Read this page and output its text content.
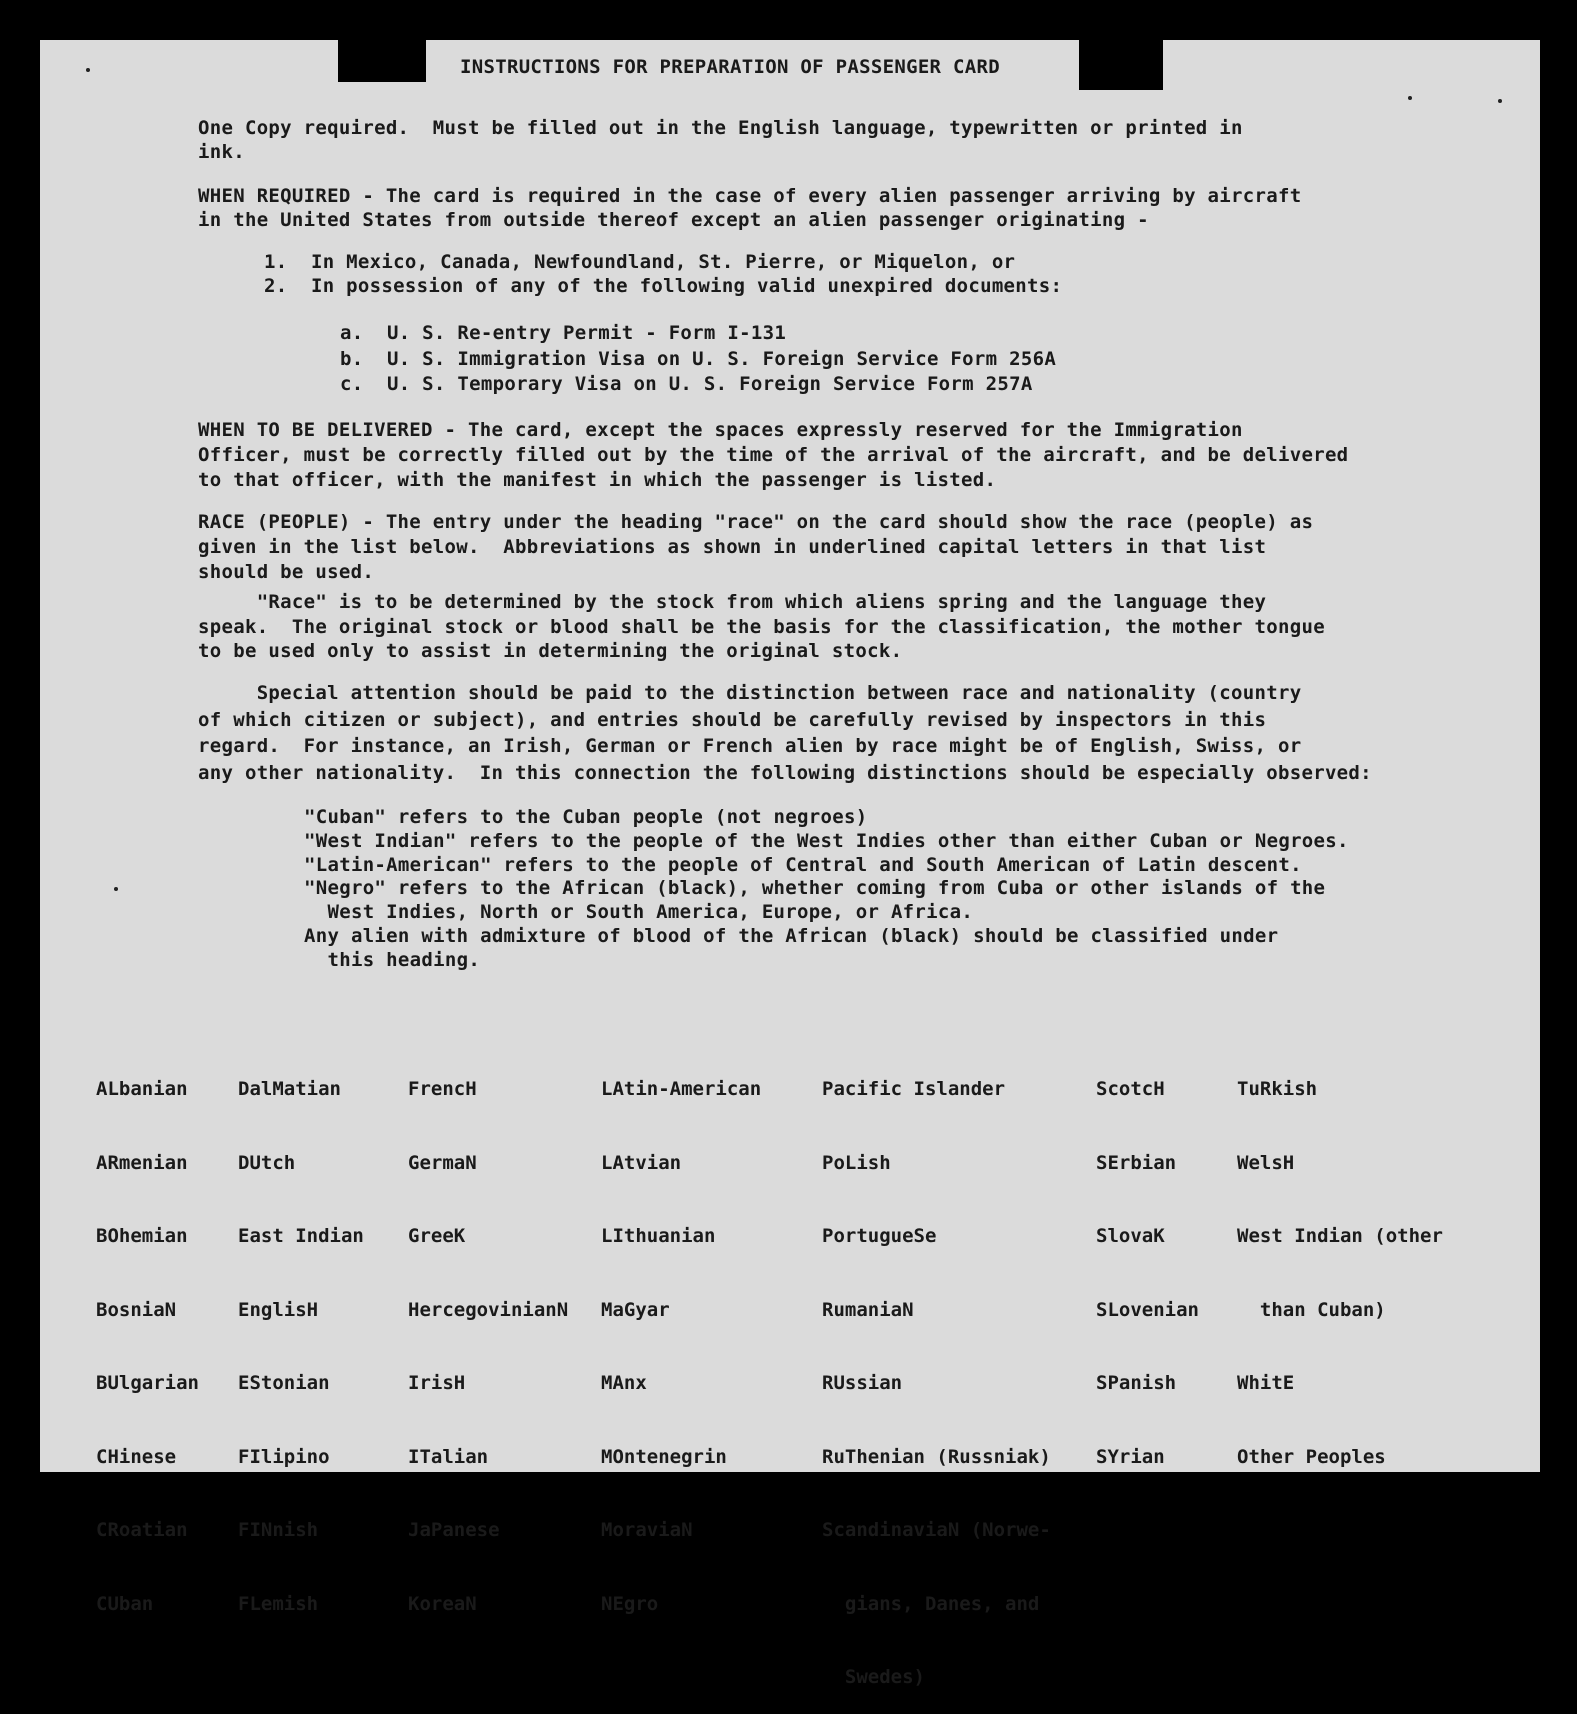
INSTRUCTIONS FOR PREPARATION OF PASSENGER CARD
One Copy required.  Must be filled out in the English language, typewritten or printed in
ink.
WHEN REQUIRED - The card is required in the case of every alien passenger arriving by aircraft
in the United States from outside thereof except an alien passenger originating -
1.  In Mexico, Canada, Newfoundland, St. Pierre, or Miquelon, or
2.  In possession of any of the following valid unexpired documents:
a.  U. S. Re-entry Permit - Form I-131
b.  U. S. Immigration Visa on U. S. Foreign Service Form 256A
c.  U. S. Temporary Visa on U. S. Foreign Service Form 257A
WHEN TO BE DELIVERED - The card, except the spaces expressly reserved for the Immigration
Officer, must be correctly filled out by the time of the arrival of the aircraft, and be delivered
to that officer, with the manifest in which the passenger is listed.
RACE (PEOPLE) - The entry under the heading "race" on the card should show the race (people) as
given in the list below.  Abbreviations as shown in underlined capital letters in that list
should be used.
"Race" is to be determined by the stock from which aliens spring and the language they
speak.  The original stock or blood shall be the basis for the classification, the mother tongue
to be used only to assist in determining the original stock.
Special attention should be paid to the distinction between race and nationality (country
of which citizen or subject), and entries should be carefully revised by inspectors in this
regard.  For instance, an Irish, German or French alien by race might be of English, Swiss, or
any other nationality.  In this connection the following distinctions should be especially observed:
"Cuban" refers to the Cuban people (not negroes)
"West Indian" refers to the people of the West Indies other than either Cuban or Negroes.
"Latin-American" refers to the people of Central and South American of Latin descent.
"Negro" refers to the African (black), whether coming from Cuba or other islands of the
West Indies, North or South America, Europe, or Africa.
Any alien with admixture of blood of the African (black) should be classified under
this heading.

ALbanian

ARmenian

BOhemian

BosniaN

BUlgarian

CHinese

CRoatian

CUban

DalMatian

DUtch

East Indian

EnglisH

EStonian

FIlipino

FINnish

FLemish

FrencH

GermaN

GreeK

HercegovinianN

IrisH

ITalian

JaPanese

KoreaN

LAtin-American

LAtvian

LIthuanian

MaGyar

MAnx

MOntenegrin

MoraviaN

NEgro

Pacific Islander

PoLish

PortugueSe

RumaniaN

RUssian

RuThenian (Russniak)

ScandinaviaN (Norwe-

gians, Danes, and

Swedes)

ScotcH

SErbian

SlovaK

SLovenian

SPanish

SYrian

TuRkish

WelsH

West Indian (other

than Cuban)

WhitE

Other Peoples
